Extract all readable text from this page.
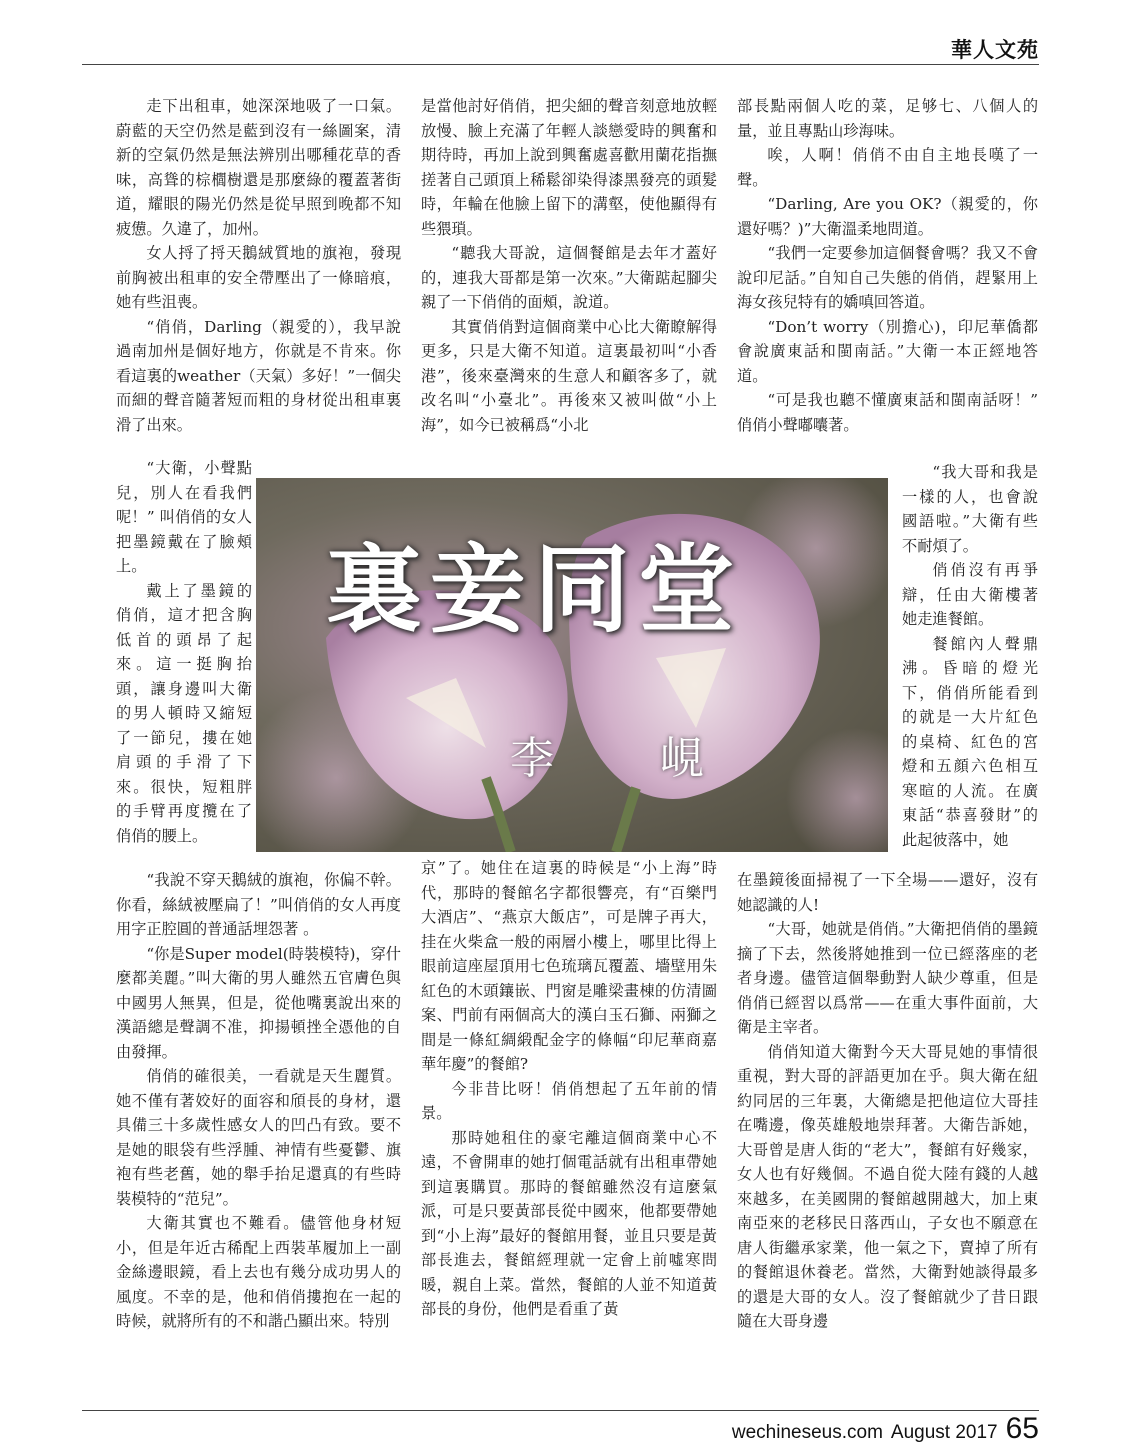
華人文苑

走下出租車，她深深地吸了一口氣。蔚藍的天空仍然是藍到沒有一絲圖案，清新的空氣仍然是無法辨別出哪種花草的香味，高聳的棕櫚樹還是那麼綠的覆蓋著街道，耀眼的陽光仍然是從早照到晚都不知疲憊。久違了，加州。

女人捋了捋天鵝絨質地的旗袍，發現前胸被出租車的安全帶壓出了一條暗痕，她有些沮喪。

“俏俏，Darling（親愛的），我早說過南加州是個好地方，你就是不肯來。你看這裏的weather（天氣）多好！”一個尖而細的聲音隨著短而粗的身材從出租車裏滑了出來。

“大衛，小聲點兒，別人在看我們呢！” 叫俏俏的女人把墨鏡戴在了臉頰上。

戴上了墨鏡的俏俏，這才把含胸低首的頭昂了起來。這一挺胸抬頭，讓身邊叫大衛的男人頓時又縮短了一節兒，摟在她肩頭的手滑了下來。很快，短粗胖的手臂再度攬在了俏俏的腰上。

“我說不穿天鵝絨的旗袍，你偏不幹。你看，絲絨被壓扁了！”叫俏俏的女人再度用字正腔圓的普通話埋怨著 。

“你是Super model(時裝模特)，穿什麼都美麗。”叫大衛的男人雖然五官膚色與中國男人無異，但是，從他嘴裏說出來的漢語總是聲調不准，抑揚頓挫全憑他的自由發揮。

俏俏的確很美，一看就是天生麗質。她不僅有著姣好的面容和頎長的身材，還具備三十多歲性感女人的凹凸有致。要不是她的眼袋有些浮腫、神情有些憂鬱、旗袍有些老舊，她的舉手抬足還真的有些時裝模特的“范兒”。

大衛其實也不難看。儘管他身材短小，但是年近古稀配上西裝革履加上一副金絲邊眼鏡，看上去也有幾分成功男人的風度。不幸的是，他和俏俏摟抱在一起的時候，就將所有的不和諧凸顯出來。特別

是當他討好俏俏，把尖細的聲音刻意地放輕放慢、臉上充滿了年輕人談戀愛時的興奮和期待時，再加上說到興奮處喜歡用蘭花指撫搓著自己頭頂上稀鬆卻染得漆黑發亮的頭髮時，年輪在他臉上留下的溝壑，使他顯得有些猥瑣。

“聽我大哥說，這個餐館是去年才蓋好的，連我大哥都是第一次來。”大衛踮起腳尖親了一下俏俏的面頰，說道。

其實俏俏對這個商業中心比大衛瞭解得更多，只是大衛不知道。這裏最初叫“小香港”，後來臺灣來的生意人和顧客多了，就改名叫“小臺北”。再後來又被叫做“小上海”，如今已被稱爲“小北

京”了。她住在這裏的時候是“小上海”時代，那時的餐館名字都很響亮，有“百樂門大酒店”、“燕京大飯店”，可是牌子再大，挂在火柴盒一般的兩層小樓上，哪里比得上眼前這座屋頂用七色琉璃瓦覆蓋、墻壁用朱紅色的木頭鑲嵌、門窗是雕梁畫棟的仿清圖案、門前有兩個高大的漢白玉石獅、兩獅之間是一條紅綢緞配金字的條幅“印尼華商嘉華年慶”的餐館?

今非昔比呀！俏俏想起了五年前的情景。

那時她租住的豪宅離這個商業中心不遠，不會開車的她打個電話就有出租車帶她到這裏購買。那時的餐館雖然沒有這麼氣派，可是只要黃部長從中國來，他都要帶她到“小上海”最好的餐館用餐，並且只要是黃部長進去，餐館經理就一定會上前噓寒問暖，親自上菜。當然，餐館的人並不知道黃部長的身份，他們是看重了黃

部長點兩個人吃的菜，足够七、八個人的量，並且專點山珍海味。

唉，人啊！俏俏不由自主地長嘆了一聲。

“Darling, Are you OK?（親愛的，你還好嗎？)”大衛溫柔地問道。

“我們一定要參加這個餐會嗎？我又不會說印尼話。”自知自己失態的俏俏，趕緊用上海女孩兒特有的嬌嗔回答道。

“Don’t worry（別擔心)，印尼華僑都會說廣東話和閩南話。”大衛一本正經地答道。

“可是我也聽不懂廣東話和閩南話呀！” 俏俏小聲嘟囔著。

“我大哥和我是一樣的人，也會說國語啦。”大衛有些不耐煩了。

俏俏沒有再爭辯，任由大衛樓著她走進餐館。

餐館內人聲鼎沸。昏暗的燈光下，俏俏所能看到的就是一大片紅色的桌椅、紅色的宮燈和五顔六色相互寒暄的人流。在廣東話“恭喜發財”的此起彼落中，她

在墨鏡後面掃視了一下全場——還好，沒有她認識的人!

“大哥，她就是俏俏。”大衛把俏俏的墨鏡摘了下去，然後將她推到一位已經落座的老者身邊。儘管這個舉動對人缺少尊重，但是俏俏已經習以爲常——在重大事件面前，大衛是主宰者。

俏俏知道大衛對今天大哥見她的事情很重視，對大哥的評語更加在乎。與大衛在紐約同居的三年裏，大衛總是把他這位大哥挂在嘴邊，像英雄般地崇拜著。大衛告訴她，大哥曾是唐人街的“老大”，餐館有好幾家，女人也有好幾個。不過自從大陸有錢的人越來越多，在美國開的餐館越開越大，加上東南亞來的老移民日落西山，子女也不願意在唐人街繼承家業，他一氣之下，賣掉了所有的餐館退休養老。當然，大衛對她談得最多的還是大哥的女人。沒了餐館就少了昔日跟隨在大哥身邊

裏妾同堂
李 峴
wechineseus.com August 2017 65
